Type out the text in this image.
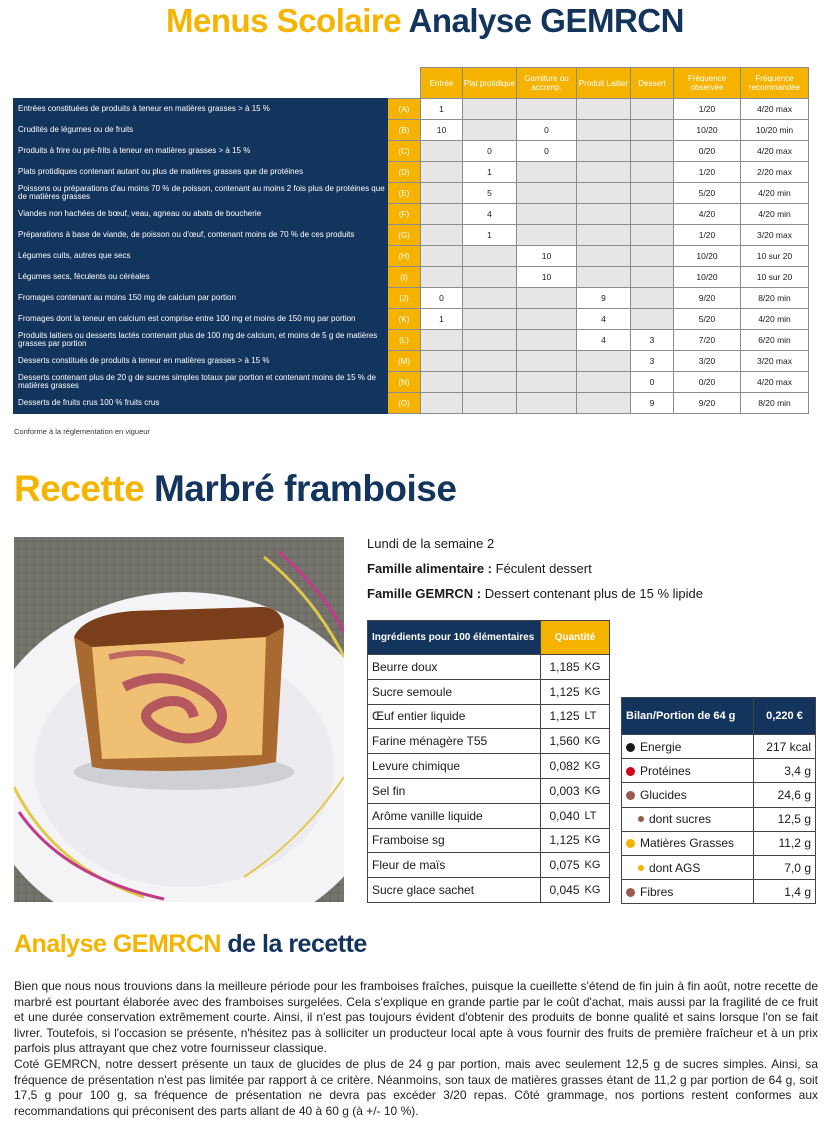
Menus Scolaire Analyse GEMRCN
		Entrée	Plat protidique	Garniture ou accomp.	Produit Laitier	Dessert	Fréquence observée	Fréquence recommandée
Entrées constituées de produits à teneur en matières grasses > à 15 %	(A)	1					1/20	4/20 max
Crudités de légumes ou de fruits	(B)	10		0			10/20	10/20 min
Produits à frire ou pré-frits à teneur en matières grasses > à 15 %	(C)		0	0			0/20	4/20 max
Plats protidiques contenant autant ou plus de matières grasses que de protéines	(D)		1				1/20	2/20 max
Poissons ou préparations d'au moins 70 % de poisson, contenant au moins 2 fois plus de protéines que de matières grasses	(E)		5				5/20	4/20 min
Viandes non hachées de bœuf, veau, agneau ou abats de boucherie	(F)		4				4/20	4/20 min
Préparations à base de viande, de poisson ou d'œuf, contenant moins de 70 % de ces produits	(G)		1				1/20	3/20 max
Légumes cuits, autres que secs	(H)			10			10/20	10 sur 20
Légumes secs, féculents ou céréales	(I)			10			10/20	10 sur 20
Fromages contenant au moins 150 mg de calcium par portion	(J)	0			9		9/20	8/20 min
Fromages dont la teneur en calcium est comprise entre 100 mg et moins de 150 mg par portion	(K)	1			4		5/20	4/20 min
Produits laitiers ou desserts lactés contenant plus de 100 mg de calcium, et moins de 5 g de matières grasses par portion	(L)				4	3	7/20	6/20 min
Desserts constitués de produits à teneur en matières grasses > à 15 %	(M)					3	3/20	3/20 max
Desserts contenant plus de 20 g de sucres simples totaux par portion et contenant moins de 15 % de matières grasses	(N)					0	0/20	4/20 max
Desserts de fruits crus 100 % fruits crus	(O)					9	9/20	8/20 min
Conforme à la réglementation en vigueur
Recette Marbré framboise
Lundi de la semaine 2
Famille alimentaire : Féculent dessert
Famille GEMRCN : Dessert contenant plus de 15 % lipide
Ingrédients pour 100 élémentaires	Quantité	
Beurre doux	1,185	KG
Sucre semoule	1,125	KG
Œuf entier liquide	1,125	LT
Farine ménagère T55	1,560	KG
Levure chimique	0,082	KG
Sel fin	0,003	KG
Arôme vanille liquide	0,040	LT
Framboise sg	1,125	KG
Fleur de maïs	0,075	KG
Sucre glace sachet	0,045	KG
Bilan/Portion de 64 g	0,220 €
Energie	217 kcal
Protéines	3,4 g
Glucides	24,6 g
dont sucres	12,5 g
Matières Grasses	11,2 g
dont AGS	7,0 g
Fibres	1,4 g
Analyse GEMRCN de la recette

Bien que nous nous trouvions dans la meilleure période pour les framboises fraîches, puisque la cueillette s'étend de fin juin à fin août, notre recette de marbré est pourtant élaborée avec des framboises surgelées. Cela s'explique en grande partie par le coût d'achat, mais aussi par la fragilité de ce fruit et une durée conservation extrêmement courte. Ainsi, il n'est pas toujours évident d'obtenir des produits de bonne qualité et sains lorsque l'on se fait livrer. Toutefois, si l'occasion se présente, n'hésitez pas à solliciter un producteur local apte à vous fournir des fruits de première fraîcheur et à un prix parfois plus attrayant que chez votre fournisseur classique.

Coté GEMRCN, notre dessert présente un taux de glucides de plus de 24 g par portion, mais avec seulement 12,5 g de sucres simples. Ainsi, sa fréquence de présentation n'est pas limitée par rapport à ce critère. Néanmoins, son taux de matières grasses étant de 11,2 g par portion de 64 g, soit 17,5 g pour 100 g, sa fréquence de présentation ne devra pas excéder 3/20 repas. Côté grammage, nos portions restent conformes aux recommandations qui préconisent des parts allant de 40 à 60 g (à +/- 10 %).
